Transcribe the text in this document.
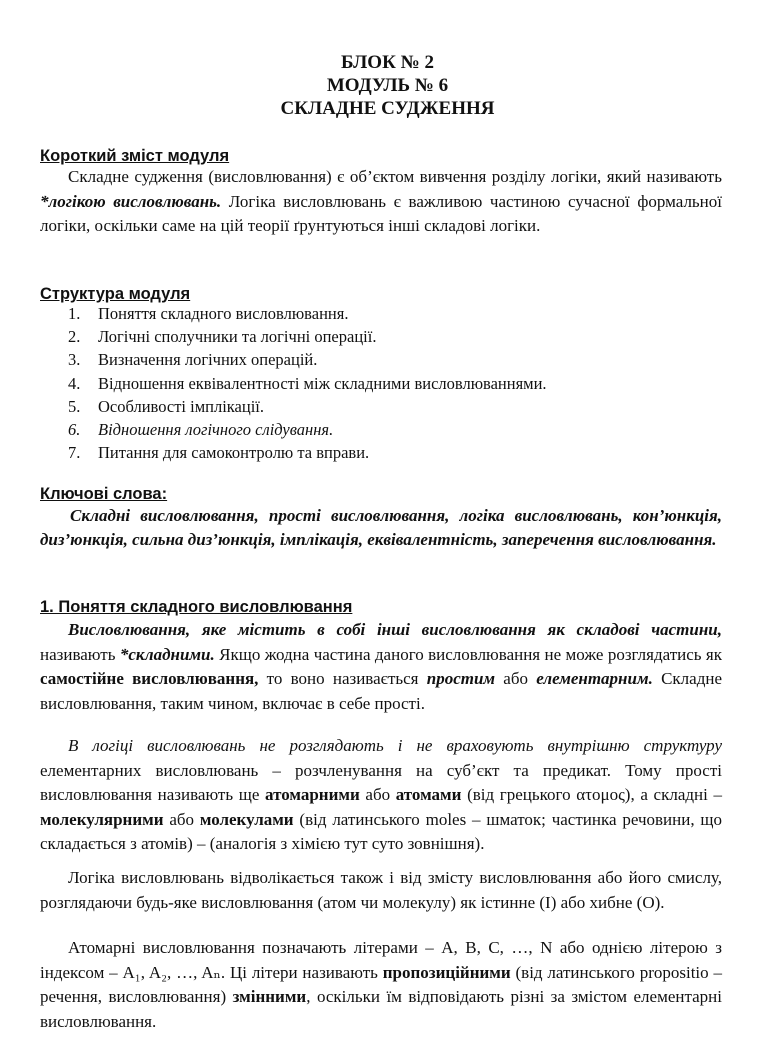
БЛОК № 2
МОДУЛЬ № 6
СКЛАДНЕ СУДЖЕННЯ
Короткий зміст модуля
Складне судження (висловлювання) є об’єктом вивчення розділу логіки, який називають *логікою висловлювань. Логіка висловлювань є важливою частиною сучасної формальної логіки, оскільки саме на цій теорії ґрунтуються інші складові логіки.
Структура модуля
1. Поняття складного висловлювання.
2. Логічні сполучники та логічні операції.
3. Визначення логічних операцій.
4. Відношення еквівалентності між складними висловлюваннями.
5. Особливості імплікації.
6. Відношення логічного слідування.
7. Питання для самоконтролю та вправи.
Ключові слова:
Складні висловлювання, прості висловлювання, логіка висловлювань, кон’юнкція, диз’юнкція, сильна диз’юнкція, імплікація, еквівалентність, заперечення висловлювання.
1. Поняття складного висловлювання
Висловлювання, яке містить в собі інші висловлювання як складові частини, називають *складними. Якщо жодна частина даного висловлювання не може розглядатись як самостійне висловлювання, то воно називається простим або елементарним. Складне висловлювання, таким чином, включає в себе прості.
В логіці висловлювань не розглядають і не враховують внутрішню структуру елементарних висловлювань – розчленування на суб’єкт та предикат. Тому прості висловлювання називають ще атомарними або атомами (від грецького ατομος), а складні – молекулярними або молекулами (від латинського moles – шматок; частинка речовини, що складається з атомів) – (аналогія з хімією тут суто зовнішня).
Логіка висловлювань відволікається також і від змісту висловлювання або його смислу, розглядаючи будь-яке висловлювання (атом чи молекулу) як істинне (І) або хибне (О).
Атомарні висловлювання позначають літерами – A, B, C, …, N або однією літерою з індексом – A₁, A₂, …, Aₙ. Ці літери називають пропозиційними (від латинського propositio – речення, висловлювання) змінними, оскільки їм відповідають різні за змістом елементарні висловлювання.
